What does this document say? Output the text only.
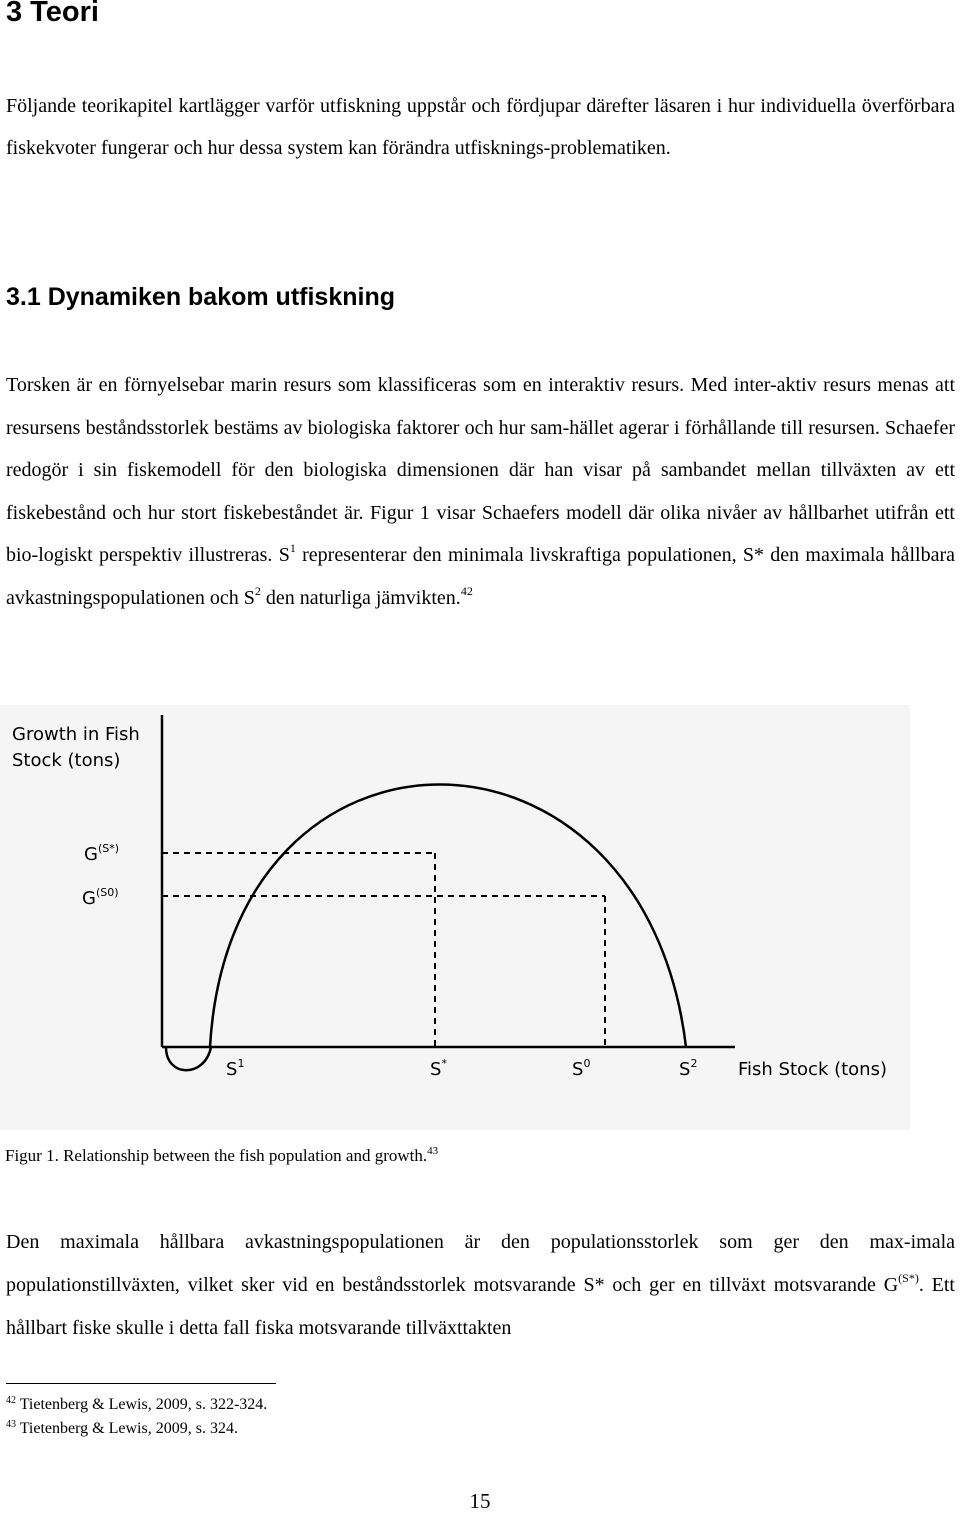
3 Teori

Följande teorikapitel kartlägger varför utfiskning uppstår och fördjupar därefter läsaren i hur individuella överförbara fiskekvoter fungerar och hur dessa system kan förändra utfisknings-problematiken.

3.1 Dynamiken bakom utfiskning

Torsken är en förnyelsebar marin resurs som klassificeras som en interaktiv resurs. Med inter-aktiv resurs menas att resursens beståndsstorlek bestäms av biologiska faktorer och hur sam-hället agerar i förhållande till resursen. Schaefer redogör i sin fiskemodell för den biologiska dimensionen där han visar på sambandet mellan tillväxten av ett fiskebestånd och hur stort fiskebeståndet är. Figur 1 visar Schaefers modell där olika nivåer av hållbarhet utifrån ett bio-logiskt perspektiv illustreras. $S^1$ representerar den minimala livskraftiga populationen, S* den maximala hållbara avkastningspopulationen och $S^2$ den naturliga jämvikten.$^{42}$

Growth in Fish
Stock (tons)
$G^{(S*)}$
$G^{(S0)}$
$S^1$	S*	$S^0$	$S^2$ Fish Stock (tons)
Figur 1. Relationship between the fish population and growth.$^{43}$

Den maximala hållbara avkastningspopulationen är den populationsstorlek som ger den max-imala populationstillväxten, vilket sker vid en beståndsstorlek motsvarande S* och ger en tillväxt motsvarande $G^{(S*)}$. Ett hållbart fiske skulle i detta fall fiska motsvarande tillväxttakten

$^{42}$ Tietenberg & Lewis, 2009, s. 322-324.
$^{43}$ Tietenberg & Lewis, 2009, s. 324.
15
